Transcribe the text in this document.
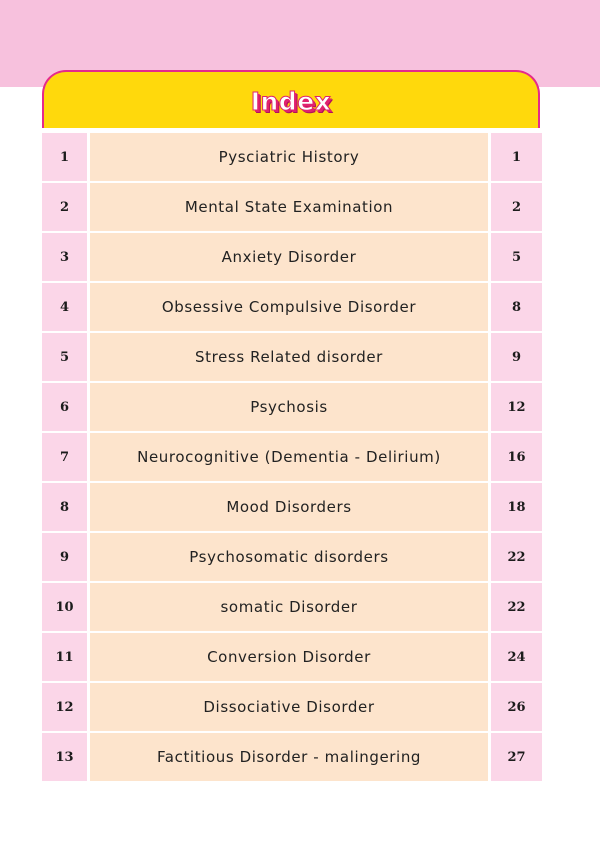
Index
1	Pysciatric History	1
2	Mental State Examination	2
3	Anxiety Disorder	5
4	Obsessive Compulsive Disorder	8
5	Stress Related disorder	9
6	Psychosis	12
7	Neurocognitive (Dementia - Delirium)	16
8	Mood Disorders	18
9	Psychosomatic disorders	22
10	somatic Disorder	22
11	Conversion Disorder	24
12	Dissociative Disorder	26
13	Factitious Disorder - malingering	27
